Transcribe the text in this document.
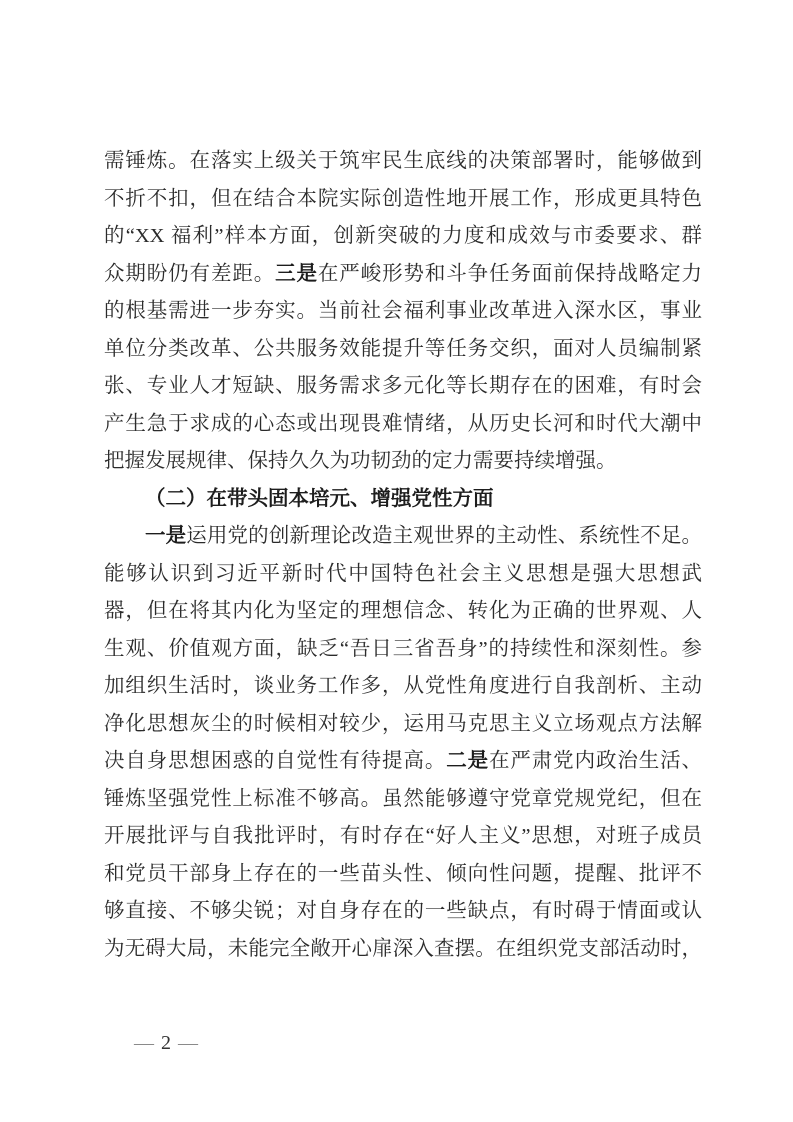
需锤炼。在落实上级关于筑牢民生底线的决策部署时，能够做到
不折不扣，但在结合本院实际创造性地开展工作，形成更具特色
的“XX 福利”样本方面，创新突破的力度和成效与市委要求、群
众期盼仍有差距。三是在严峻形势和斗争任务面前保持战略定力
的根基需进一步夯实。当前社会福利事业改革进入深水区，事业
单位分类改革、公共服务效能提升等任务交织，面对人员编制紧
张、专业人才短缺、服务需求多元化等长期存在的困难，有时会
产生急于求成的心态或出现畏难情绪，从历史长河和时代大潮中
把握发展规律、保持久久为功韧劲的定力需要持续增强。
（二）在带头固本培元、增强党性方面
一是运用党的创新理论改造主观世界的主动性、系统性不足。
能够认识到习近平新时代中国特色社会主义思想是强大思想武
器，但在将其内化为坚定的理想信念、转化为正确的世界观、人
生观、价值观方面，缺乏“吾日三省吾身”的持续性和深刻性。参
加组织生活时，谈业务工作多，从党性角度进行自我剖析、主动
净化思想灰尘的时候相对较少，运用马克思主义立场观点方法解
决自身思想困惑的自觉性有待提高。二是在严肃党内政治生活、
锤炼坚强党性上标准不够高。虽然能够遵守党章党规党纪，但在
开展批评与自我批评时，有时存在“好人主义”思想，对班子成员
和党员干部身上存在的一些苗头性、倾向性问题，提醒、批评不
够直接、不够尖锐；对自身存在的一些缺点，有时碍于情面或认
为无碍大局，未能完全敞开心扉深入查摆。在组织党支部活动时，
— 2 —
